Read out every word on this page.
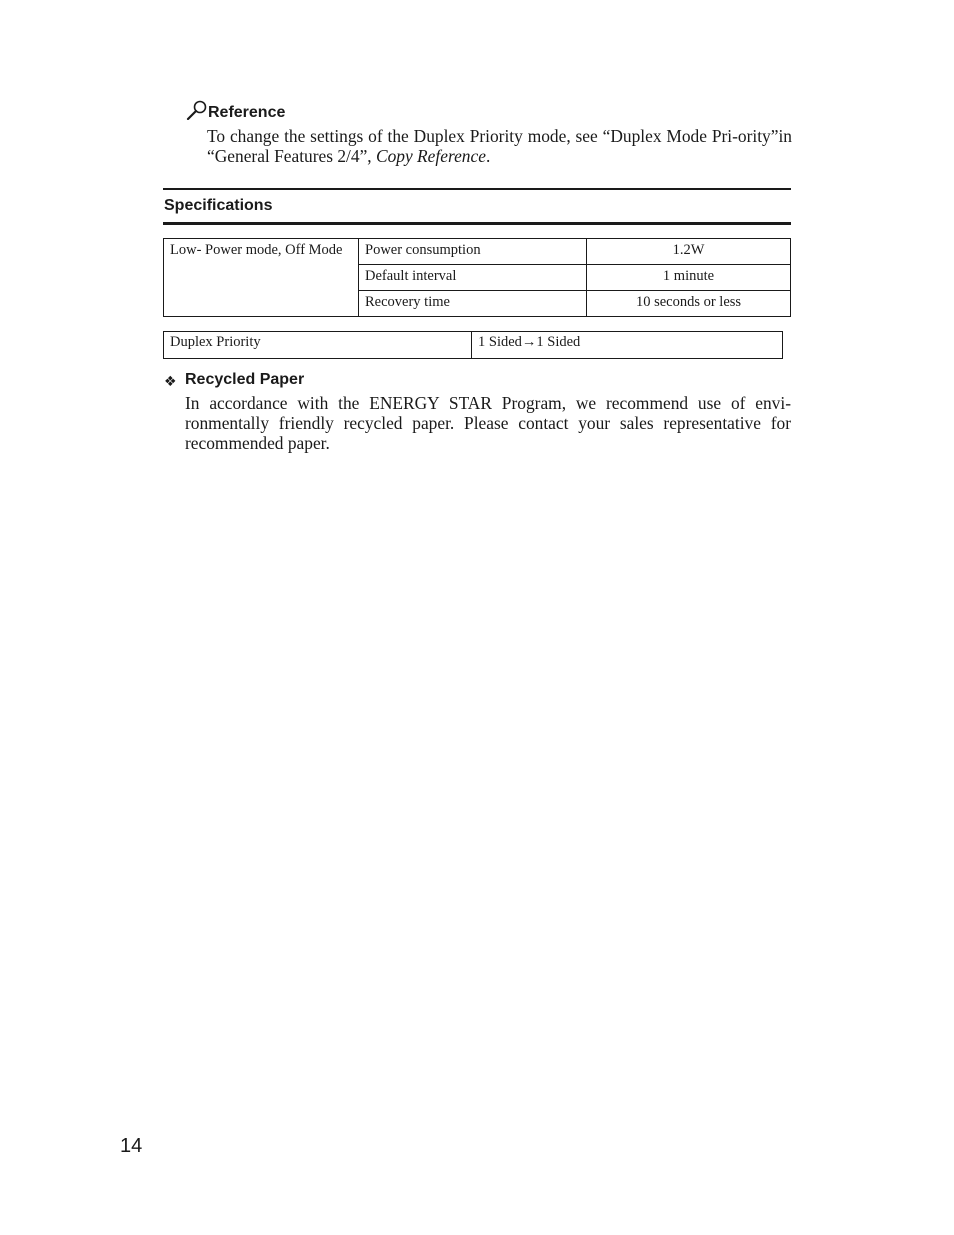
Reference
To change the settings of the Duplex Priority mode, see “Duplex Mode Pri-ority”in “General Features 2/4”, Copy Reference.
Specifications
Low- Power mode, Off Mode	Power consumption	1.2W
	Default interval	1 minute
	Recovery time	10 seconds or less
Duplex Priority	1 Sided→1 Sided
❖ Recycled Paper
In accordance with the ENERGY STAR Program, we recommend use of envi-ronmentally friendly recycled paper. Please contact your sales representative for recommended paper.
14
